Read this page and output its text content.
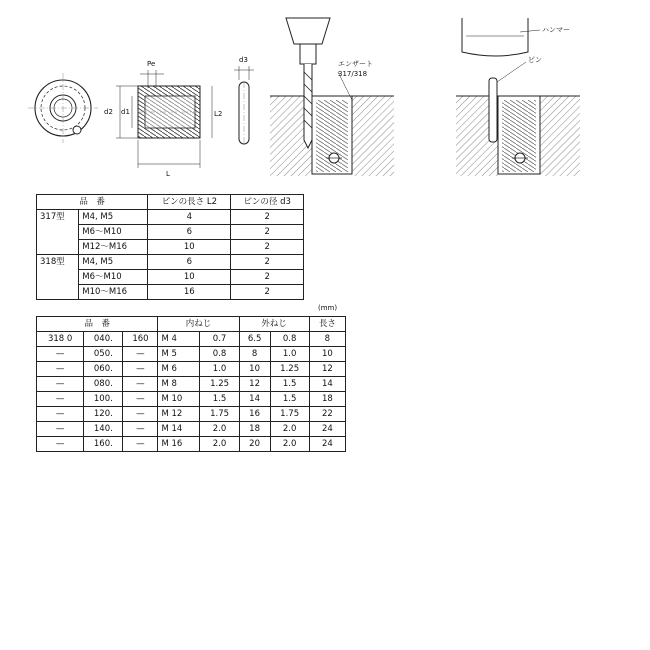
Pe
d2 d1
L
d3
L2
エンザート
317/318
ハンマー
ピン
品　番		ピンの長さ L2	ピンの径 d3
317型	M4, M5	4	2
	M6～M10	6	2
	M12～M16	10	2
318型	M4, M5	6	2
	M6～M10	10	2
	M10～M16	16	2
(mm)
品　番			内ねじ		外ねじ		長さ
318 0	040.	160	M 4	0.7	6.5	0.8	8
—	050.	—	M 5	0.8	8	1.0	10
—	060.	—	M 6	1.0	10	1.25	12
—	080.	—	M 8	1.25	12	1.5	14
—	100.	—	M 10	1.5	14	1.5	18
—	120.	—	M 12	1.75	16	1.75	22
—	140.	—	M 14	2.0	18	2.0	24
—	160.	—	M 16	2.0	20	2.0	24
